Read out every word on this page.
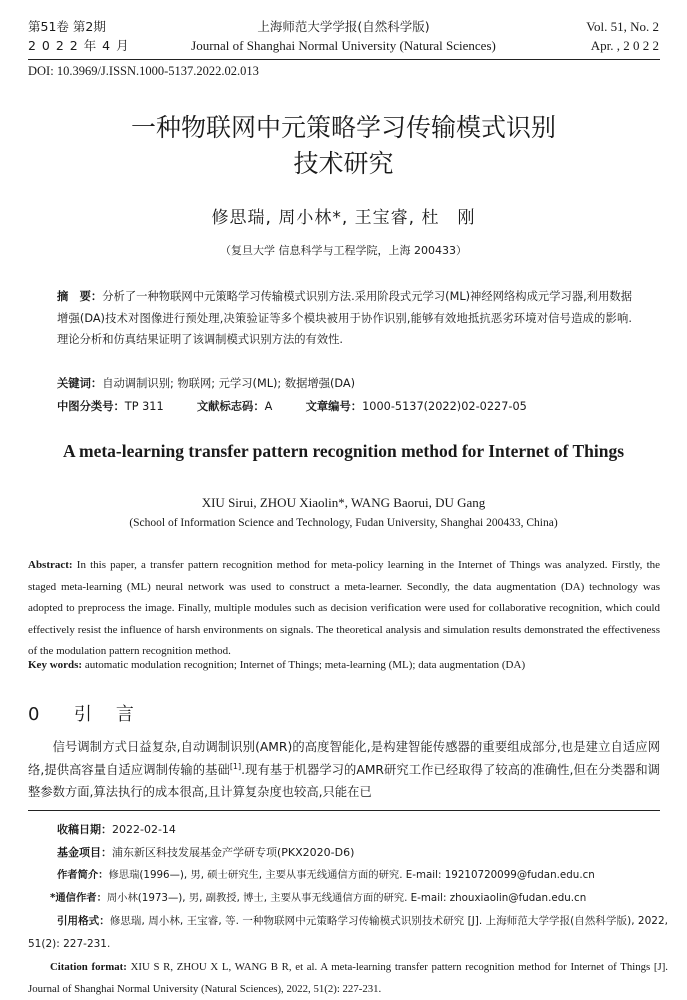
第51卷 第2期
2 0 2 2 年 4 月
上海师范大学学报(自然科学版)
Journal of Shanghai Normal University (Natural Sciences)
Vol. 51, No. 2
Apr. , 2 0 2 2
DOI: 10.3969/J.ISSN.1000-5137.2022.02.013
一种物联网中元策略学习传输模式识别
技术研究
修思瑞, 周小林*, 王宝睿, 杜　刚
（复旦大学 信息科学与工程学院，上海 200433）
摘　要：分析了一种物联网中元策略学习传输模式识别方法.采用阶段式元学习(ML)神经网络构成元学习器,利用数据增强(DA)技术对图像进行预处理,决策验证等多个模块被用于协作识别,能够有效地抵抗恶劣环境对信号造成的影响.理论分析和仿真结果证明了该调制模式识别方法的有效性.
关键词：自动调制识别; 物联网; 元学习(ML); 数据增强(DA)
中图分类号：TP 311	文献标志码：A	文章编号：1000-5137(2022)02-0227-05
A meta-learning transfer pattern recognition method for Internet of Things
XIU Sirui, ZHOU Xiaolin*, WANG Baorui, DU Gang
(School of Information Science and Technology, Fudan University, Shanghai 200433, China)
Abstract: In this paper, a transfer pattern recognition method for meta-policy learning in the Internet of Things was analyzed. Firstly, the staged meta-learning (ML) neural network was used to construct a meta-learner. Secondly, the data augmentation (DA) technology was adopted to preprocess the image. Finally, multiple modules such as decision verification were used for collaborative recognition, which could effectively resist the influence of harsh environments on signals. The theoretical analysis and simulation results demonstrated the effectiveness of the modulation pattern recognition method.
Key words: automatic modulation recognition; Internet of Things; meta-learning (ML); data augmentation (DA)
0 引　言
信号调制方式日益复杂,自动调制识别(AMR)的高度智能化,是构建智能传感器的重要组成部分,也是建立自适应网络,提供高容量自适应调制传输的基础[1].现有基于机器学习的AMR研究工作已经取得了较高的准确性,但在分类器和调整参数方面,算法执行的成本很高,且计算复杂度也较高,只能在已
收稿日期：2022-02-14
基金项目：浦东新区科技发展基金产学研专项(PKX2020-D6)
作者简介：修思瑞(1996—), 男, 硕士研究生, 主要从事无线通信方面的研究. E-mail: 19210720099@fudan.edu.cn
*通信作者：周小林(1973—), 男, 副教授, 博士, 主要从事无线通信方面的研究. E-mail: zhouxiaolin@fudan.edu.cn
引用格式：修思瑞, 周小林, 王宝睿, 等. 一种物联网中元策略学习传输模式识别技术研究 [J]. 上海师范大学学报(自然科学版), 2022, 51(2): 227-231.
Citation format: XIU S R, ZHOU X L, WANG B R, et al. A meta-learning transfer pattern recognition method for Internet of Things [J]. Journal of Shanghai Normal University (Natural Sciences), 2022, 51(2): 227-231.
